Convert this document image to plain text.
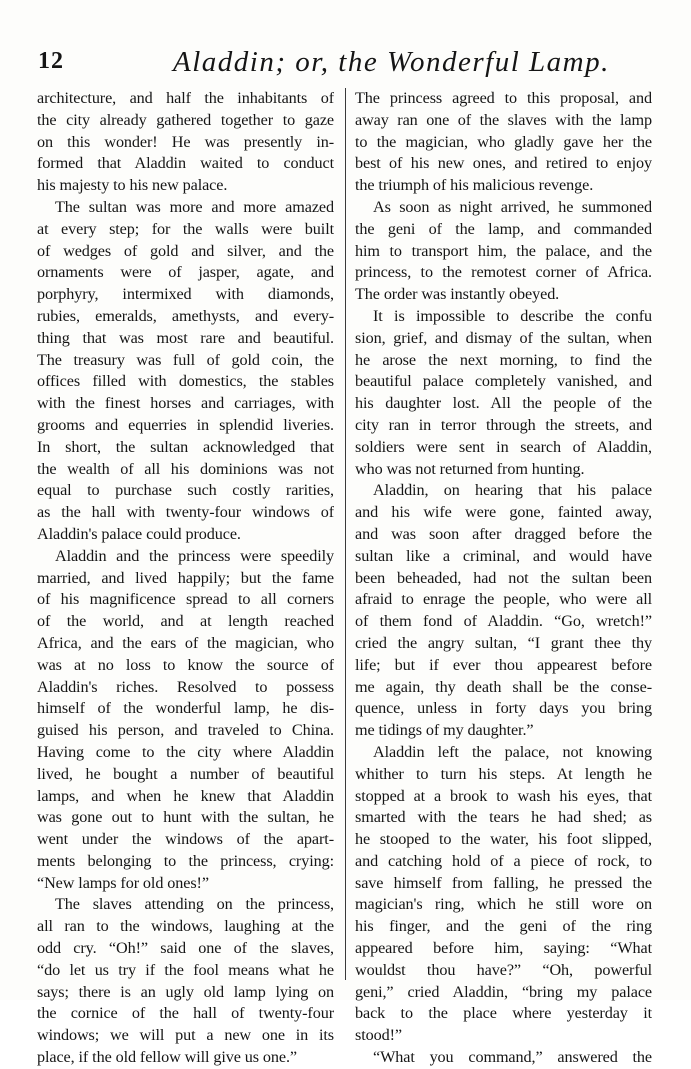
12	Aladdin; or, the Wonderful Lamp.
architecture, and half the inhabitants of
the city already gathered together to gaze
on this wonder! He was presently in-
formed that Aladdin waited to conduct
his majesty to his new palace.
The sultan was more and more amazed
at every step; for the walls were built
of wedges of gold and silver, and the
ornaments were of jasper, agate, and
porphyry, intermixed with diamonds,
rubies, emeralds, amethysts, and every-
thing that was most rare and beautiful.
The treasury was full of gold coin, the
offices filled with domestics, the stables
with the finest horses and carriages, with
grooms and equerries in splendid liveries.
In short, the sultan acknowledged that
the wealth of all his dominions was not
equal to purchase such costly rarities,
as the hall with twenty-four windows of
Aladdin's palace could produce.
Aladdin and the princess were speedily
married, and lived happily; but the fame
of his magnificence spread to all corners
of the world, and at length reached
Africa, and the ears of the magician, who
was at no loss to know the source of
Aladdin's riches. Resolved to possess
himself of the wonderful lamp, he dis-
guised his person, and traveled to China.
Having come to the city where Aladdin
lived, he bought a number of beautiful
lamps, and when he knew that Aladdin
was gone out to hunt with the sultan, he
went under the windows of the apart-
ments belonging to the princess, crying:
“New lamps for old ones!”
The slaves attending on the princess,
all ran to the windows, laughing at the
odd cry. “Oh!” said one of the slaves,
“do let us try if the fool means what he
says; there is an ugly old lamp lying on
the cornice of the hall of twenty-four
windows; we will put a new one in its
place, if the old fellow will give us one.”
The princess agreed to this proposal, and
away ran one of the slaves with the lamp
to the magician, who gladly gave her the
best of his new ones, and retired to enjoy
the triumph of his malicious revenge.
As soon as night arrived, he summoned
the geni of the lamp, and commanded
him to transport him, the palace, and the
princess, to the remotest corner of Africa.
The order was instantly obeyed.
It is impossible to describe the confu
sion, grief, and dismay of the sultan, when
he arose the next morning, to find the
beautiful palace completely vanished, and
his daughter lost. All the people of the
city ran in terror through the streets, and
soldiers were sent in search of Aladdin,
who was not returned from hunting.
Aladdin, on hearing that his palace
and his wife were gone, fainted away,
and was soon after dragged before the
sultan like a criminal, and would have
been beheaded, had not the sultan been
afraid to enrage the people, who were all
of them fond of Aladdin. “Go, wretch!”
cried the angry sultan, “I grant thee thy
life; but if ever thou appearest before
me again, thy death shall be the conse-
quence, unless in forty days you bring
me tidings of my daughter.”
Aladdin left the palace, not knowing
whither to turn his steps. At length he
stopped at a brook to wash his eyes, that
smarted with the tears he had shed; as
he stooped to the water, his foot slipped,
and catching hold of a piece of rock, to
save himself from falling, he pressed the
magician's ring, which he still wore on
his finger, and the geni of the ring
appeared before him, saying: “What
wouldst thou have?” “Oh, powerful
geni,” cried Aladdin, “bring my palace
back to the place where yesterday it
stood!”
“What you command,” answered the
